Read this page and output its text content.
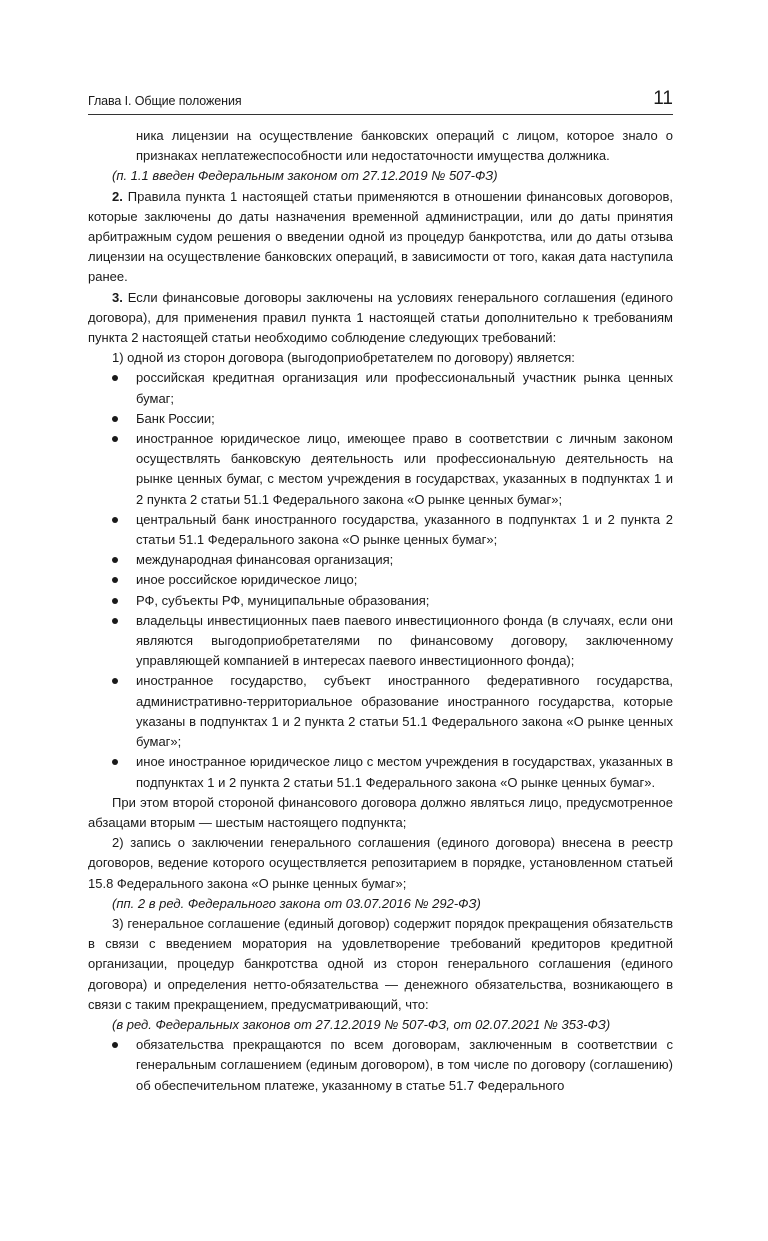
Глава I. Общие положения	11

ника лицензии на осуществление банковских операций с лицом, которое знало о признаках неплатежеспособности или недостаточности имущества должника.

(п. 1.1 введен Федеральным законом от 27.12.2019 № 507-ФЗ)

2. Правила пункта 1 настоящей статьи применяются в отношении финансовых договоров, которые заключены до даты назначения временной администрации, или до даты принятия арбитражным судом решения о введении одной из процедур банкротства, или до даты отзыва лицензии на осуществление банковских операций, в зависимости от того, какая дата наступила ранее.

3. Если финансовые договоры заключены на условиях генерального соглашения (единого договора), для применения правил пункта 1 настоящей статьи дополнительно к требованиям пункта 2 настоящей статьи необходимо соблюдение следующих требований:

1) одной из сторон договора (выгодоприобретателем по договору) является:

российская кредитная организация или профессиональный участник рынка ценных бумаг;
Банк России;
иностранное юридическое лицо, имеющее право в соответствии с личным законом осуществлять банковскую деятельность или профессиональную деятельность на рынке ценных бумаг, с местом учреждения в государствах, указанных в подпунктах 1 и 2 пункта 2 статьи 51.1 Федерального закона «О рынке ценных бумаг»;
центральный банк иностранного государства, указанного в подпунктах 1 и 2 пункта 2 статьи 51.1 Федерального закона «О рынке ценных бумаг»;
международная финансовая организация;
иное российское юридическое лицо;
РФ, субъекты РФ, муниципальные образования;
владельцы инвестиционных паев паевого инвестиционного фонда (в случаях, если они являются выгодоприобретателями по финансовому договору, заключенному управляющей компанией в интересах паевого инвестиционного фонда);
иностранное государство, субъект иностранного федеративного государства, административно-территориальное образование иностранного государства, которые указаны в подпунктах 1 и 2 пункта 2 статьи 51.1 Федерального закона «О рынке ценных бумаг»;
иное иностранное юридическое лицо с местом учреждения в государствах, указанных в подпунктах 1 и 2 пункта 2 статьи 51.1 Федерального закона «О рынке ценных бумаг».

При этом второй стороной финансового договора должно являться лицо, предусмотренное абзацами вторым — шестым настоящего подпункта;

2) запись о заключении генерального соглашения (единого договора) внесена в реестр договоров, ведение которого осуществляется репозитарием в порядке, установленном статьей 15.8 Федерального закона «О рынке ценных бумаг»;

(пп. 2 в ред. Федерального закона от 03.07.2016 № 292-ФЗ)

3) генеральное соглашение (единый договор) содержит порядок прекращения обязательств в связи с введением моратория на удовлетворение требований кредиторов кредитной организации, процедур банкротства одной из сторон генерального соглашения (единого договора) и определения нетто-обязательства — денежного обязательства, возникающего в связи с таким прекращением, предусматривающий, что:

(в ред. Федеральных законов от 27.12.2019 № 507-ФЗ, от 02.07.2021 № 353-ФЗ)

обязательства прекращаются по всем договорам, заключенным в соответствии с генеральным соглашением (единым договором), в том числе по договору (соглашению) об обеспечительном платеже, указанному в статье 51.7 Федерального
